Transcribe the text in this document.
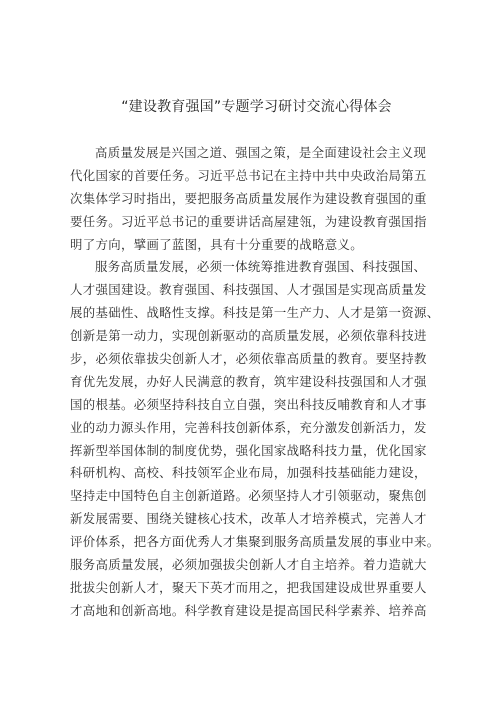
“建设教育强国”专题学习研讨交流心得体会
高质量发展是兴国之道、强国之策，是全面建设社会主义现
代化国家的首要任务。习近平总书记在主持中共中央政治局第五
次集体学习时指出，要把服务高质量发展作为建设教育强国的重
要任务。习近平总书记的重要讲话高屋建瓴，为建设教育强国指
明了方向，擘画了蓝图，具有十分重要的战略意义。
服务高质量发展，必须一体统筹推进教育强国、科技强国、
人才强国建设。教育强国、科技强国、人才强国是实现高质量发
展的基础性、战略性支撑。科技是第一生产力、人才是第一资源、
创新是第一动力，实现创新驱动的高质量发展，必须依靠科技进
步，必须依靠拔尖创新人才，必须依靠高质量的教育。要坚持教
育优先发展，办好人民满意的教育，筑牢建设科技强国和人才强
国的根基。必须坚持科技自立自强，突出科技反哺教育和人才事
业的动力源头作用，完善科技创新体系，充分激发创新活力，发
挥新型举国体制的制度优势，强化国家战略科技力量，优化国家
科研机构、高校、科技领军企业布局，加强科技基础能力建设，
坚持走中国特色自主创新道路。必须坚持人才引领驱动，聚焦创
新发展需要、围绕关键核心技术，改革人才培养模式，完善人才
评价体系，把各方面优秀人才集聚到服务高质量发展的事业中来。
服务高质量发展，必须加强拔尖创新人才自主培养。着力造就大
批拔尖创新人才，聚天下英才而用之，把我国建设成世界重要人
才高地和创新高地。科学教育建设是提高国民科学素养、培养高
